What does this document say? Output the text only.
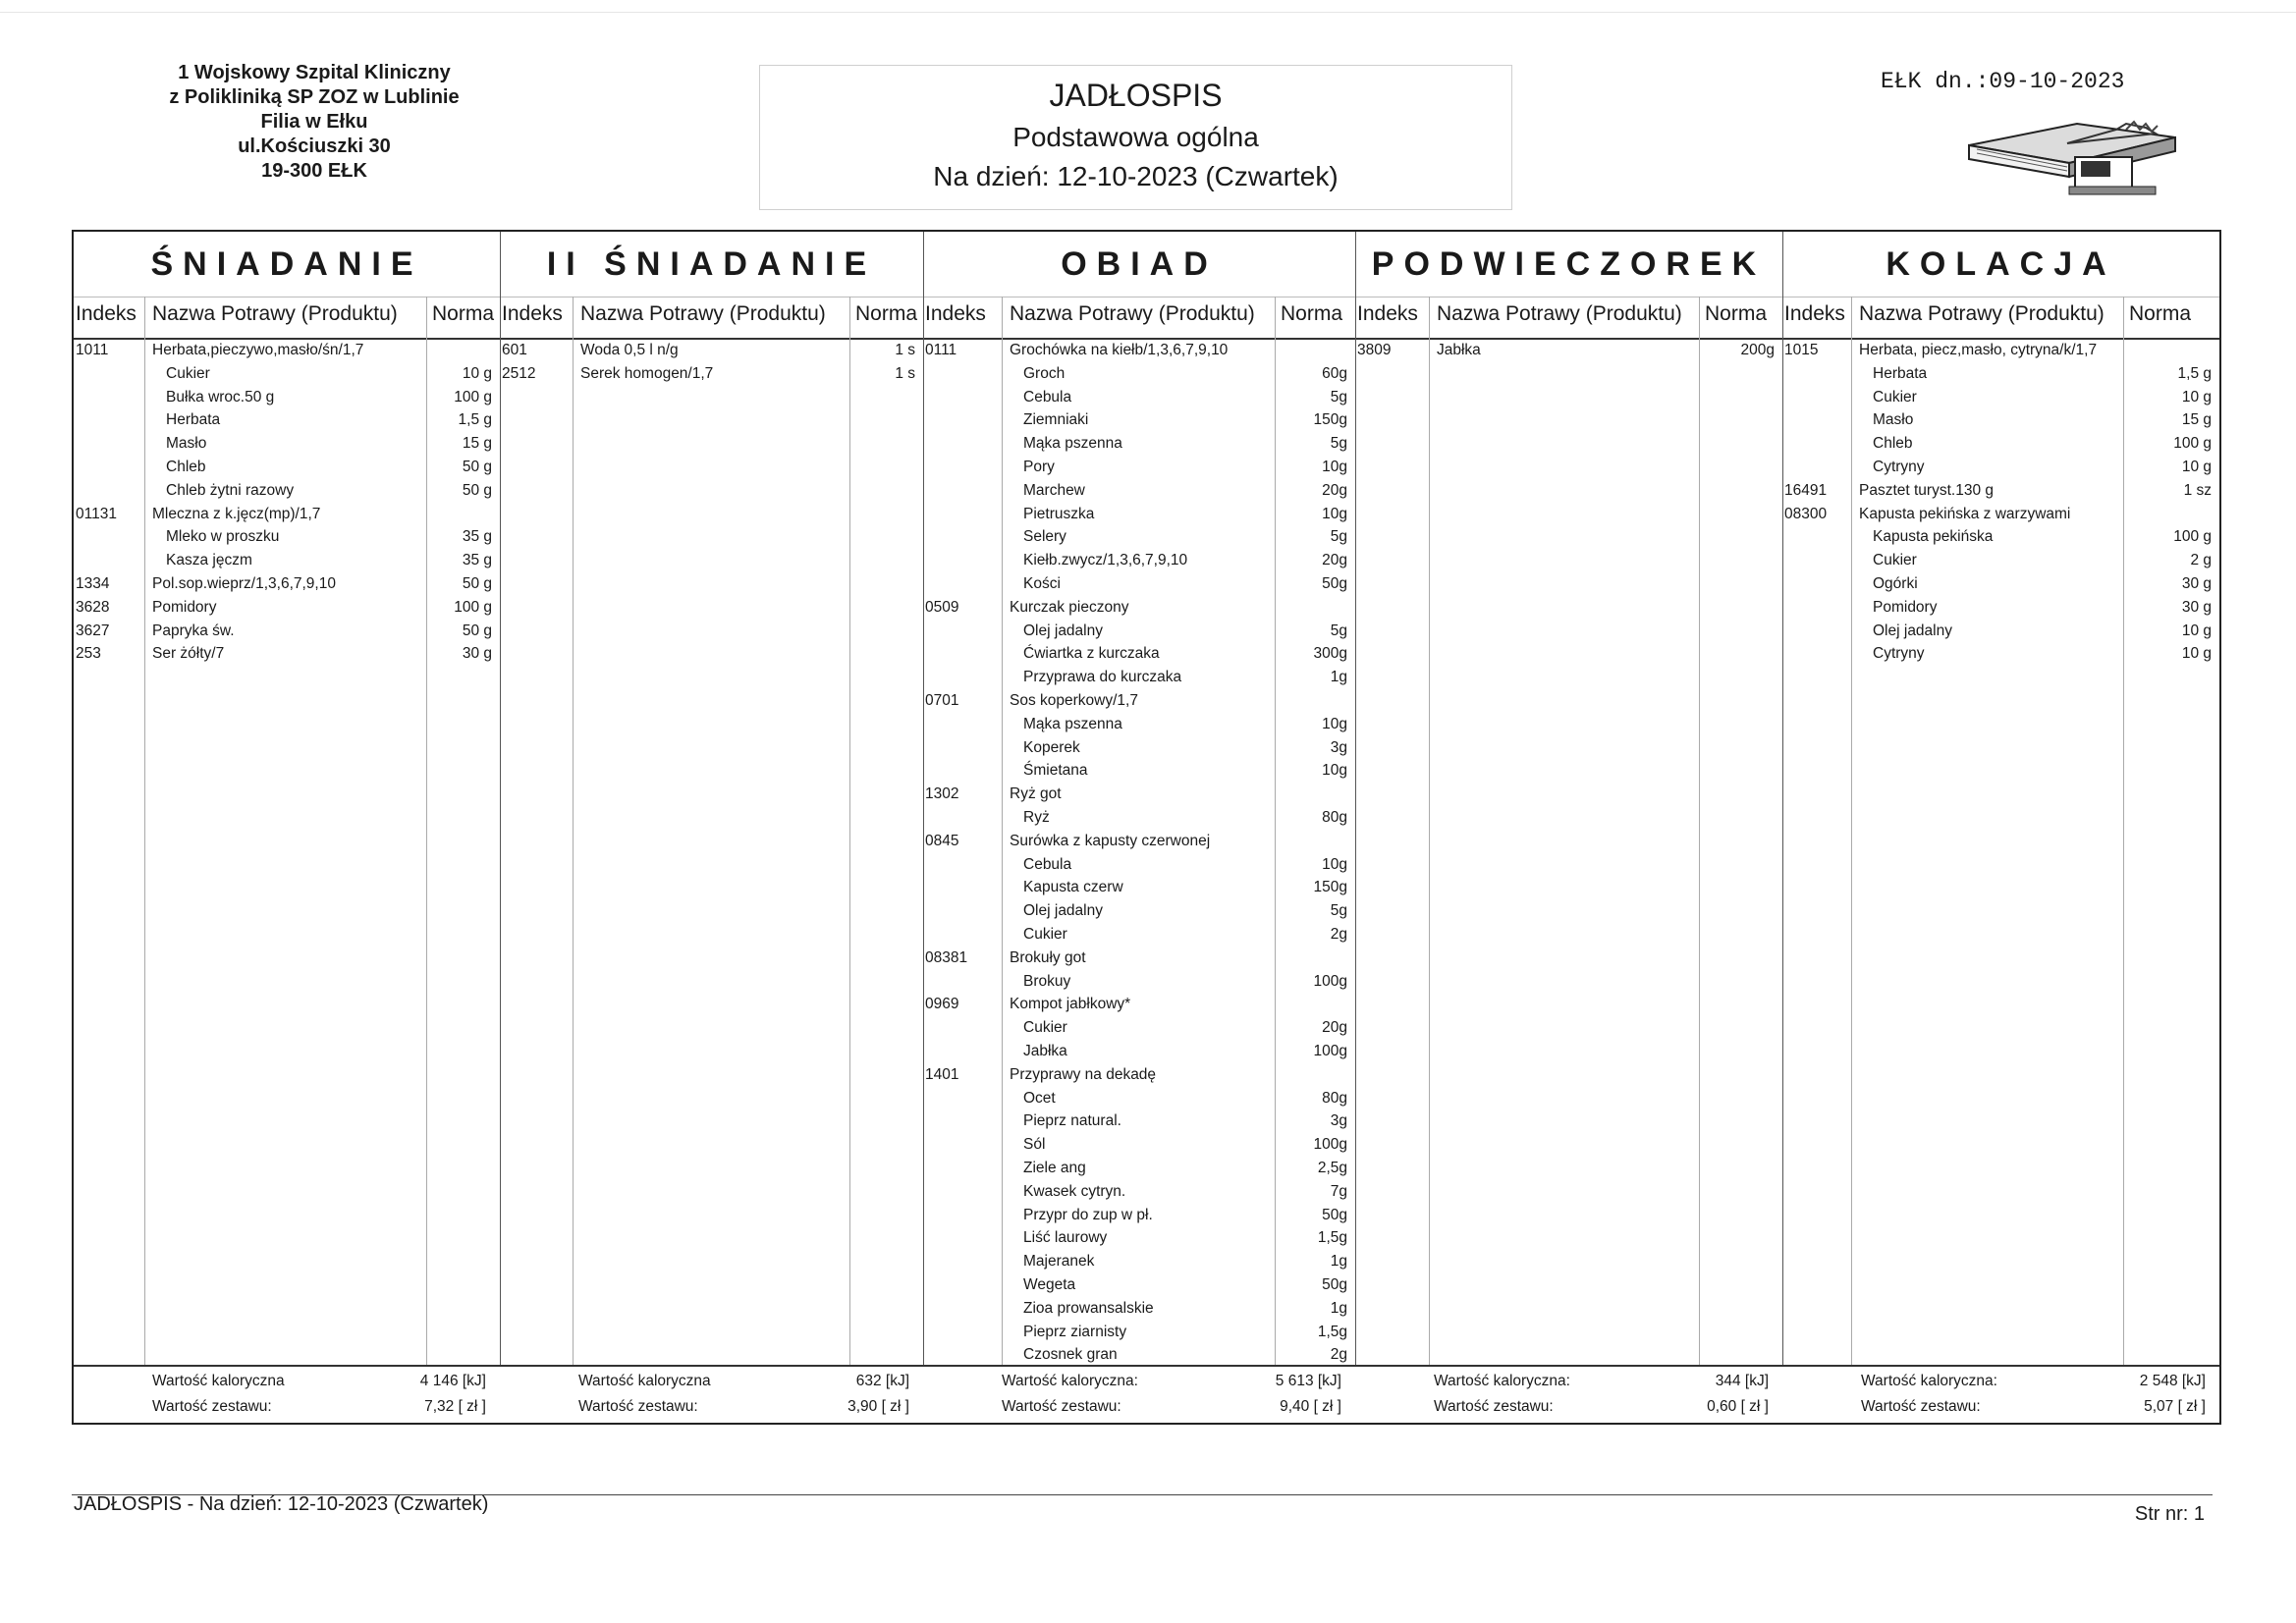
1 Wojskowy Szpital Kliniczny
z Polikliniką SP ZOZ w Lublinie
Filia w Ełku
ul.Kościuszki 30
19-300 EŁK
JADŁOSPIS
Podstawowa ogólna
Na dzień: 12-10-2023 (Czwartek)
EŁK dn.:09-10-2023
ŚNIADANIE
Indeks Nazwa Potrawy (Produktu) Norma
1011	Herbata,pieczywo,masło/śn/1,7
Cukier	10 g
Bułka wroc.50 g	100 g
Herbata	1,5 g
Masło	15 g
Chleb	50 g
Chleb żytni razowy	50 g
01131 Mleczna z k.jęcz(mp)/1,7
Mleko w proszku	35 g
Kasza jęczm	35 g
1334	Pol.sop.wieprz/1,3,6,7,9,10	50 g
3628	Pomidory	100 g
3627	Papryka św.	50 g
253	Ser żółty/7	30 g
Wartość kaloryczna	4 146 [kJ]
Wartość zestawu:	7,32 [ zł ]
II ŚNIADANIE
Indeks Nazwa Potrawy (Produktu) Norma
601	Woda 0,5 l n/g	1 s
2512	Serek homogen/1,7	1 s
Wartość kaloryczna	632 [kJ]
Wartość zestawu:	3,90 [ zł ]
OBIAD
Indeks Nazwa Potrawy (Produktu) Norma
0111	Grochówka na kiełb/1,3,6,7,9,10
Groch	60g
Cebula	5g
Ziemniaki	150g
Mąka pszenna	5g
Pory	10g
Marchew	20g
Pietruszka	10g
Selery	5g
Kiełb.zwycz/1,3,6,7,9,10	20g
Kości	50g
0509	Kurczak pieczony
Olej jadalny	5g
Ćwiartka z kurczaka	300g
Przyprawa do kurczaka	1g
0701	Sos koperkowy/1,7
Mąka pszenna	10g
Koperek	3g
Śmietana	10g
1302	Ryż got
Ryż	80g
0845	Surówka z kapusty czerwonej
Cebula	10g
Kapusta czerw	150g
Olej jadalny	5g
Cukier	2g
08381	Brokuły got
Brokuy	100g
0969	Kompot jabłkowy*
Cukier	20g
Jabłka	100g
1401	Przyprawy na dekadę
Ocet	80g
Pieprz natural.	3g
Sól	100g
Ziele ang	2,5g
Kwasek cytryn.	7g
Przypr do zup w pł.	50g
Liść laurowy	1,5g
Majeranek	1g
Wegeta	50g
Zioa prowansalskie	1g
Pieprz ziarnisty	1,5g
Czosnek gran	2g
Wartość kaloryczna:	5 613 [kJ]
Wartość zestawu:	9,40 [ zł ]
PODWIECZOREK
Indeks Nazwa Potrawy (Produktu) Norma
3809	Jabłka	200g
Wartość kaloryczna:	344 [kJ]
Wartość zestawu:	0,60 [ zł ]
KOLACJA
Indeks Nazwa Potrawy (Produktu) Norma
1015	Herbata, piecz,masło, cytryna/k/1,7
Herbata	1,5 g
Cukier	10 g
Masło	15 g
Chleb	100 g
Cytryny	10 g
16491 Pasztet turyst.130 g	1 sz
08300 Kapusta pekińska z warzywami
Kapusta pekińska	100 g
Cukier	2 g
Ogórki	30 g
Pomidory	30 g
Olej jadalny	10 g
Cytryny	10 g
Wartość kaloryczna:	2 548 [kJ]
Wartość zestawu:	5,07 [ zł ]
JADŁOSPIS - Na dzień: 12-10-2023 (Czwartek)	Str nr: 1
